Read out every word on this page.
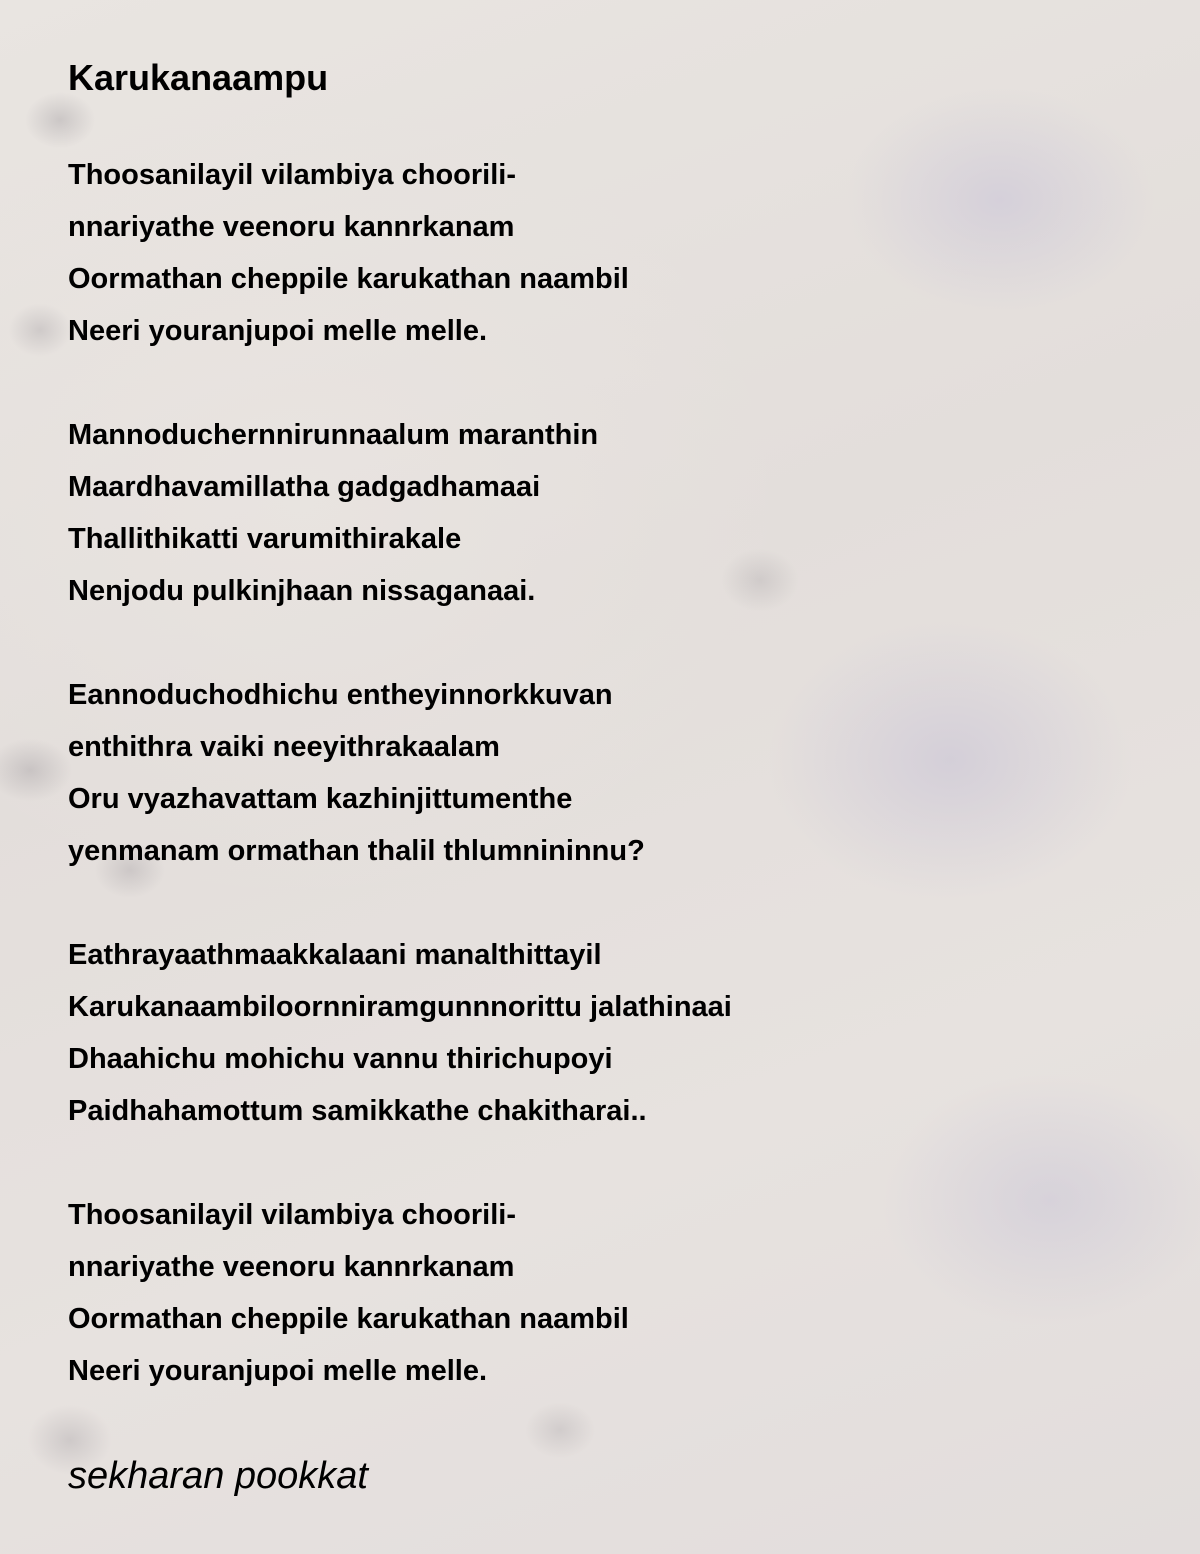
Karukanaampu
Thoosanilayil vilambiya choorili-
nnariyathe veenoru kannrkanam
Oormathan cheppile karukathan naambil
Neeri youranjupoi melle melle.
Mannoduchernnirunnaalum maranthin
Maardhavamillatha gadgadhamaai
Thallithikatti varumithirakale
Nenjodu pulkinjhaan nissaganaai.
Eannoduchodhichu entheyinnorkkuvan
enthithra vaiki neeyithrakaalam
Oru vyazhavattam kazhinjittumenthe
yenmanam ormathan thalil thlumnininnu?
Eathrayaathmaakkalaani manalthittayil
Karukanaambiloornniramgunnnorittu jalathinaai
Dhaahichu mohichu vannu thirichupoyi
Paidhahamottum samikkathe chakitharai..
Thoosanilayil vilambiya choorili-
nnariyathe veenoru kannrkanam
Oormathan cheppile karukathan naambil
Neeri youranjupoi melle melle.
sekharan pookkat
